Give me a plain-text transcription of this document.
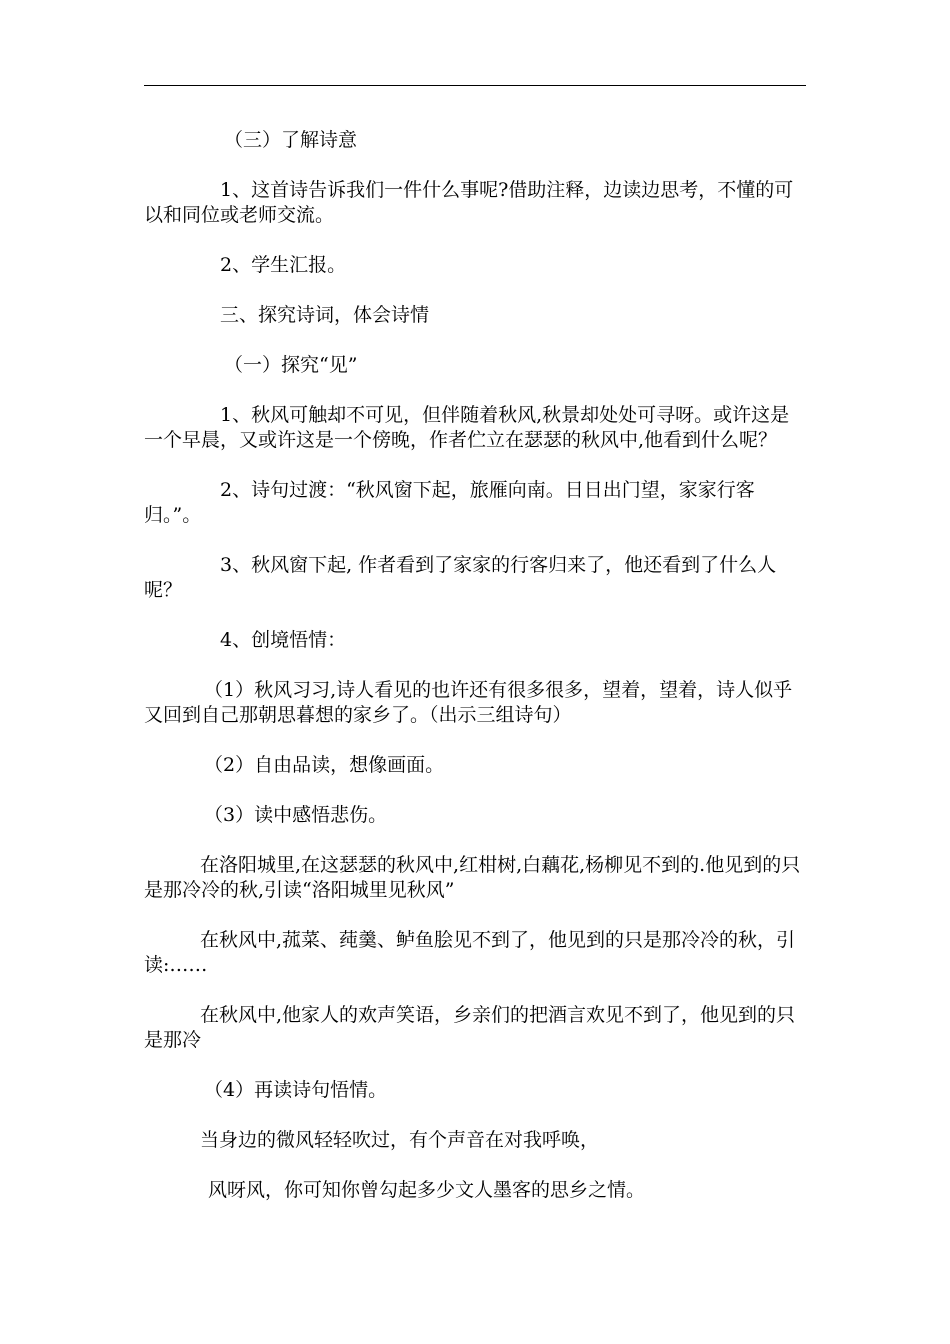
（三）了解诗意

1、这首诗告诉我们一件什么事呢?借助注释，边读边思考，不懂的可以和同位或老师交流。

2、学生汇报。

三、探究诗词，体会诗情

（一）探究“见”

1、秋风可触却不可见，但伴随着秋风,秋景却处处可寻呀。或许这是一个早晨，又或许这是一个傍晚，作者伫立在瑟瑟的秋风中,他看到什么呢？

2、诗句过渡：“秋风窗下起，旅雁向南。日日出门望，家家行客归。”。

3、秋风窗下起, 作者看到了家家的行客归来了，他还看到了什么人呢？

4、创境悟情：

（1）秋风习习,诗人看见的也许还有很多很多，望着，望着，诗人似乎又回到自己那朝思暮想的家乡了。（出示三组诗句）

（2）自由品读，想像画面。

（3）读中感悟悲伤。

在洛阳城里,在这瑟瑟的秋风中,红柑树,白藕花,杨柳见不到的.他见到的只是那冷冷的秋,引读“洛阳城里见秋风”

在秋风中,菰菜、莼羹、鲈鱼脍见不到了，他见到的只是那冷冷的秋，引读:……

在秋风中,他家人的欢声笑语，乡亲们的把酒言欢见不到了，他见到的只是那冷

（4）再读诗句悟情。

当身边的微风轻轻吹过，有个声音在对我呼唤，

风呀风，你可知你曾勾起多少文人墨客的思乡之情。
